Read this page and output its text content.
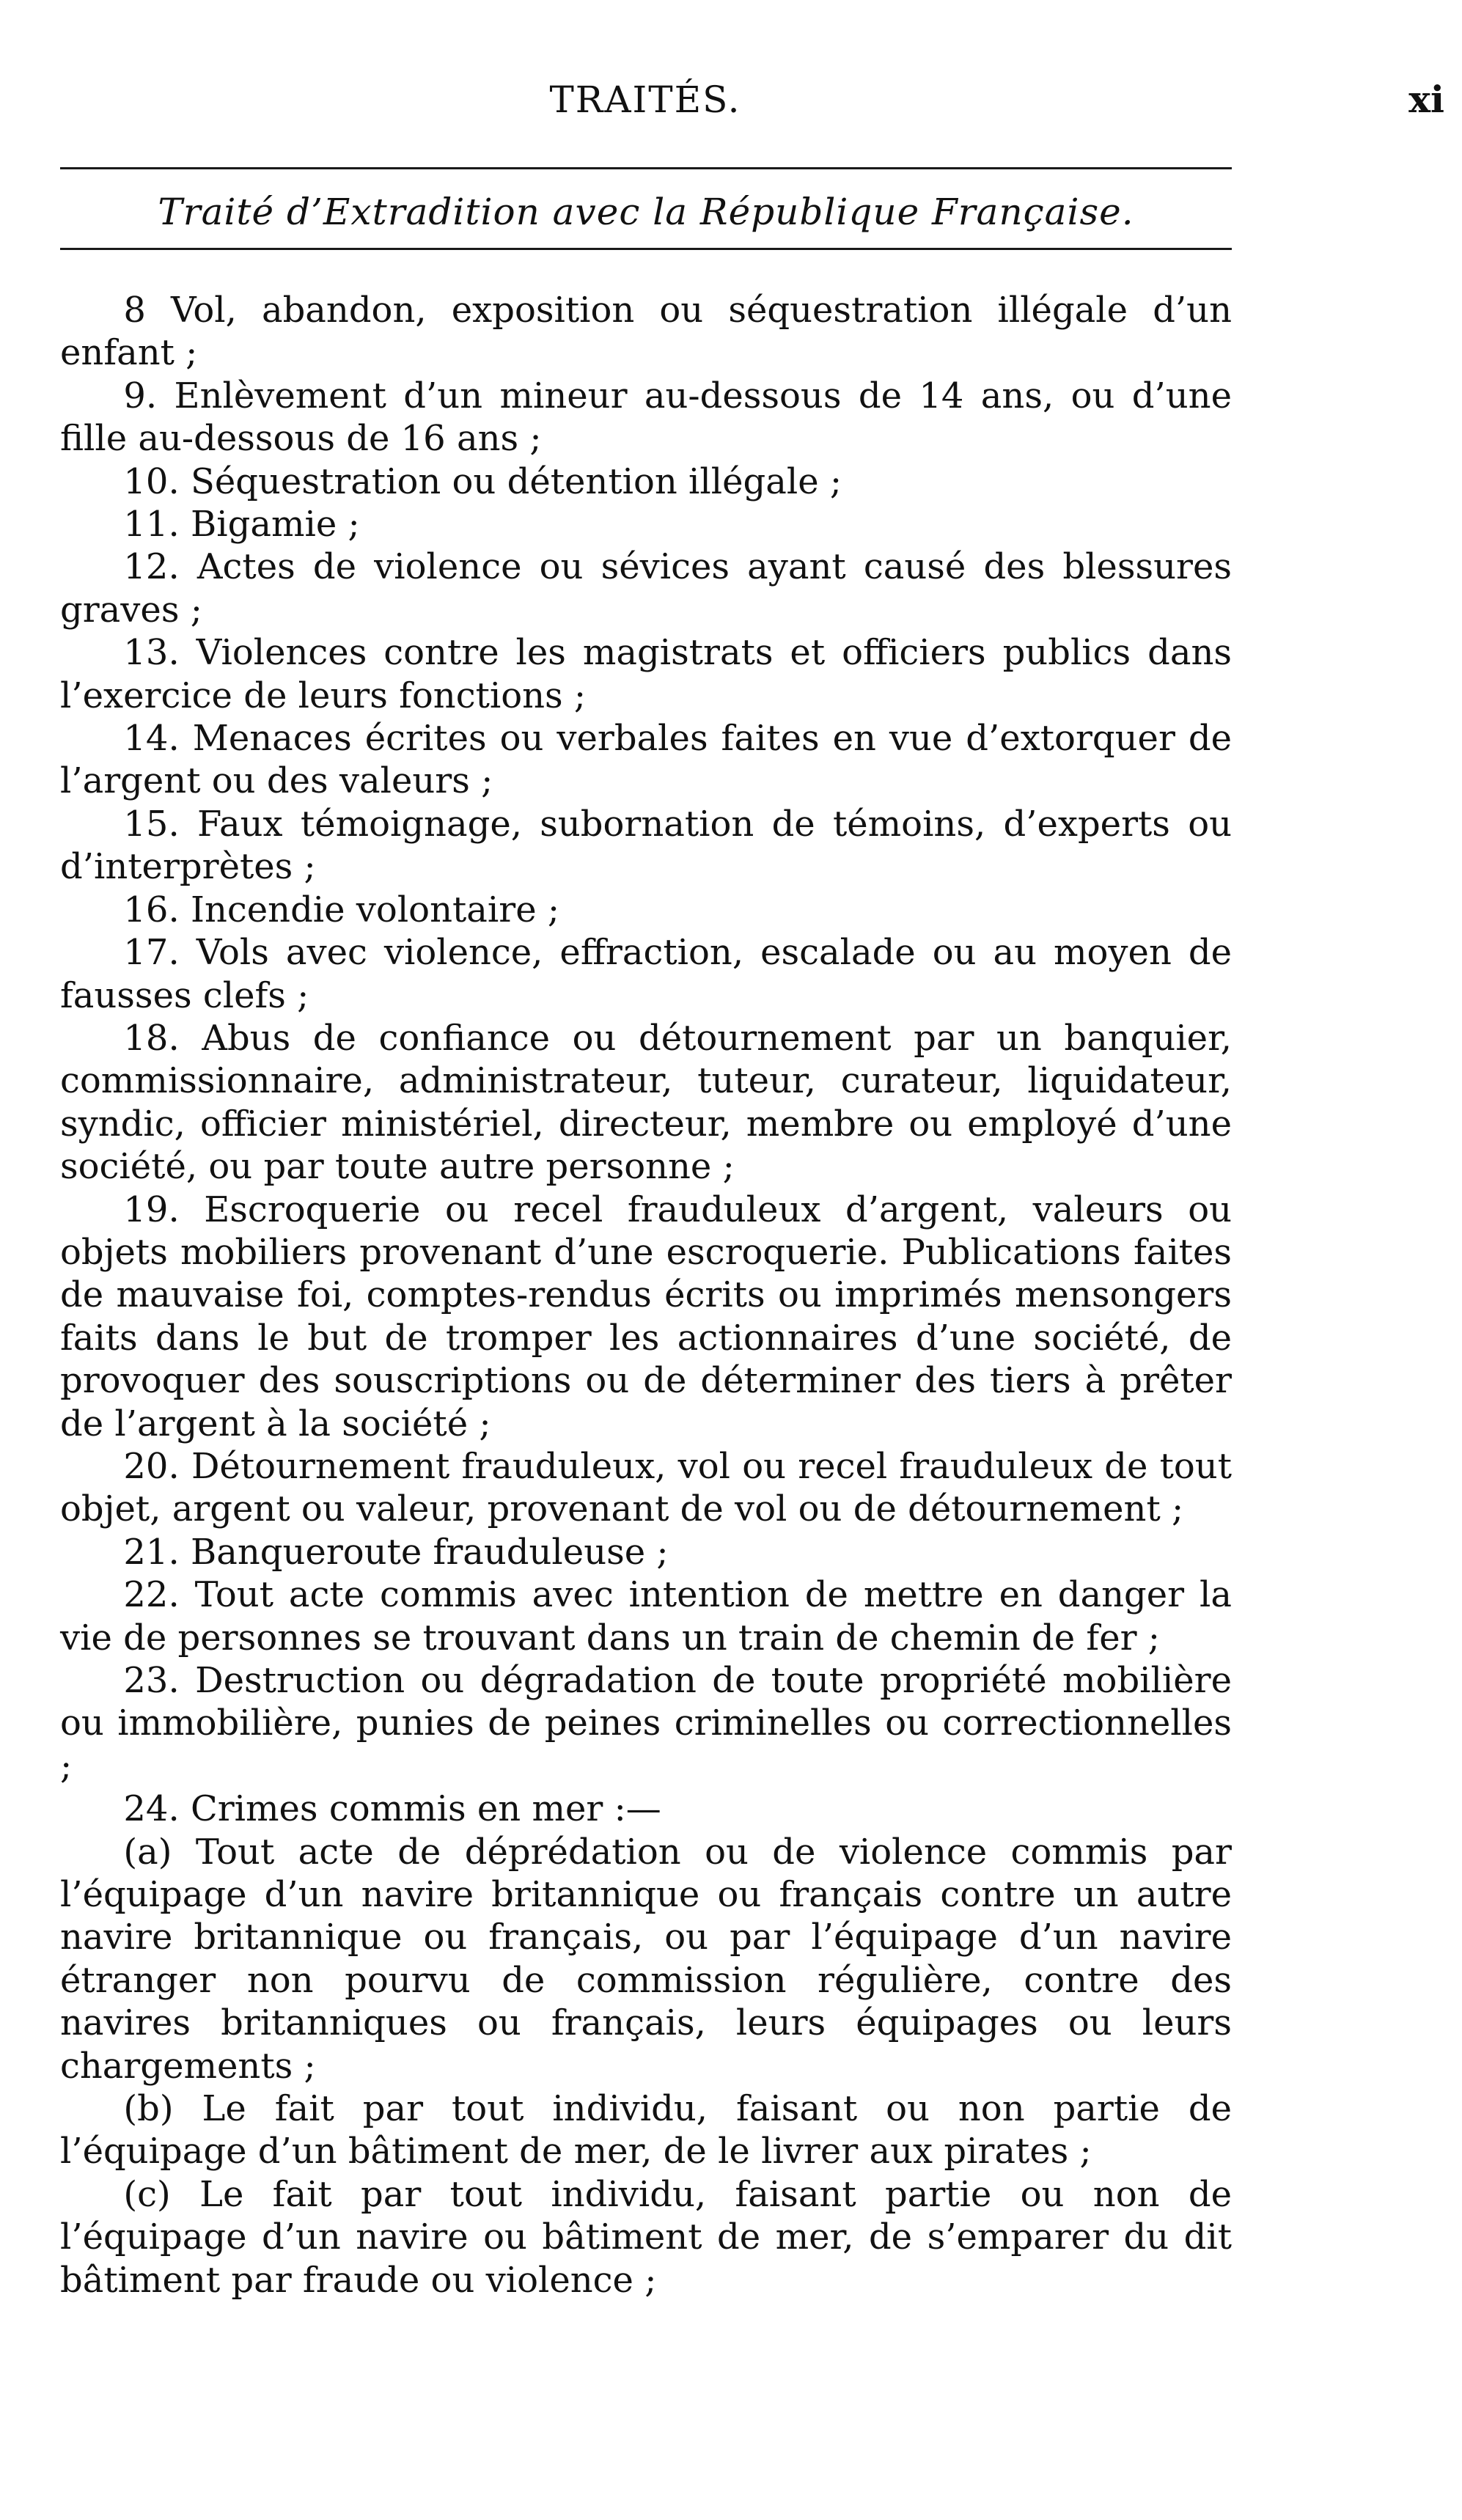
TRAITÉS.	xi
Traité d’Extradition avec la République Française.

8 Vol, abandon, exposition ou séquestration illégale d’un enfant ;

9. Enlèvement d’un mineur au-dessous de 14 ans, ou d’une fille au-dessous de 16 ans ;

10. Séquestration ou détention illégale ;

11. Bigamie ;

12. Actes de violence ou sévices ayant causé des blessures graves ;

13. Violences contre les magistrats et officiers publics dans l’exercice de leurs fonctions ;

14. Menaces écrites ou verbales faites en vue d’extorquer de l’argent ou des valeurs ;

15. Faux témoignage, subornation de témoins, d’experts ou d’interprètes ;

16. Incendie volontaire ;

17. Vols avec violence, effraction, escalade ou au moyen de fausses clefs ;

18. Abus de confiance ou détournement par un banquier, commissionnaire, administrateur, tuteur, curateur, liquidateur, syndic, officier ministériel, directeur, membre ou employé d’une société, ou par toute autre personne ;

19. Escroquerie ou recel frauduleux d’argent, valeurs ou objets mobiliers provenant d’une escroquerie. Publications faites de mauvaise foi, comptes-rendus écrits ou imprimés mensongers faits dans le but de tromper les actionnaires d’une société, de provoquer des souscriptions ou de déterminer des tiers à prêter de l’argent à la société ;

20. Détournement frauduleux, vol ou recel frauduleux de tout objet, argent ou valeur, provenant de vol ou de détournement ;

21. Banqueroute frauduleuse ;

22. Tout acte commis avec intention de mettre en danger la vie de personnes se trouvant dans un train de chemin de fer ;

23. Destruction ou dégradation de toute propriété mobilière ou immobilière, punies de peines criminelles ou correctionnelles ;

24. Crimes commis en mer :—

(a) Tout acte de déprédation ou de violence commis par l’équipage d’un navire britannique ou français contre un autre navire britannique ou français, ou par l’équipage d’un navire étranger non pourvu de commission régulière, contre des navires britanniques ou français, leurs équipages ou leurs chargements ;

(b) Le fait par tout individu, faisant ou non partie de l’équipage d’un bâtiment de mer, de le livrer aux pirates ;

(c) Le fait par tout individu, faisant partie ou non de l’équipage d’un navire ou bâtiment de mer, de s’emparer du dit bâtiment par fraude ou violence ;
